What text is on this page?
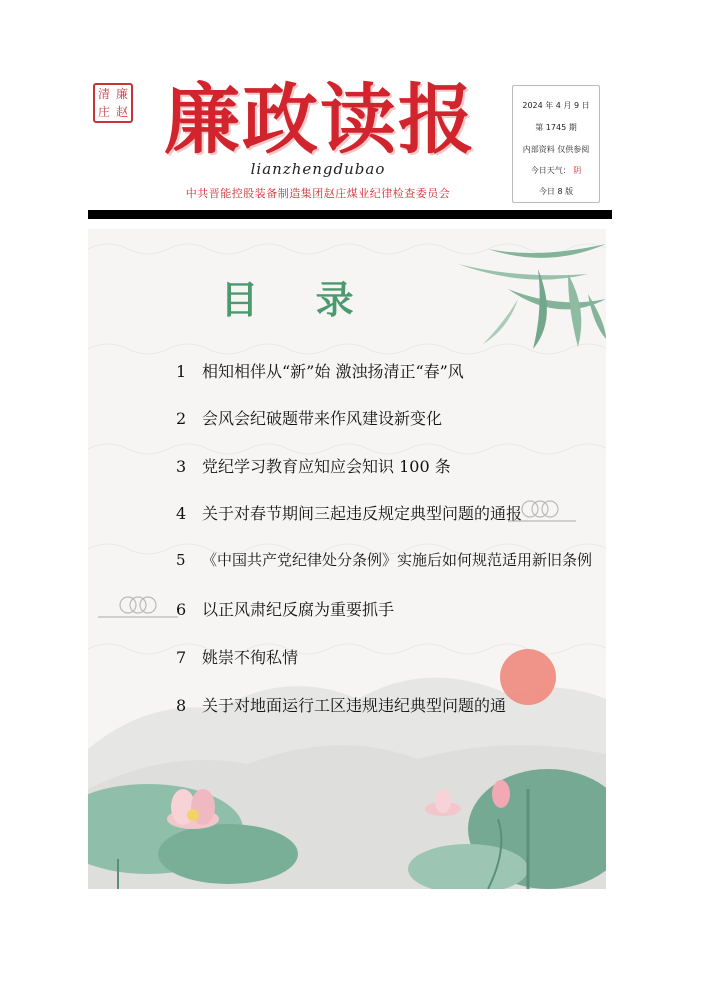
清 廉
庄 赵 廉政读报
lianzhengdubao
中共晋能控股装备制造集团赵庄煤业纪律检查委员会
2024 年 4 月 9 日
第 1745 期
内部资料 仅供参阅
今日天气： 阴
今日 8 版
目 录
1 相知相伴从“新”始 激浊扬清正“春”风
2 会风会纪破题带来作风建设新变化
3 党纪学习教育应知应会知识 100 条
4 关于对春节期间三起违反规定典型问题的通报
5 《中国共产党纪律处分条例》实施后如何规范适用新旧条例
6 以正风肃纪反腐为重要抓手
7 姚崇不徇私情
8 关于对地面运行工区违规违纪典型问题的通
